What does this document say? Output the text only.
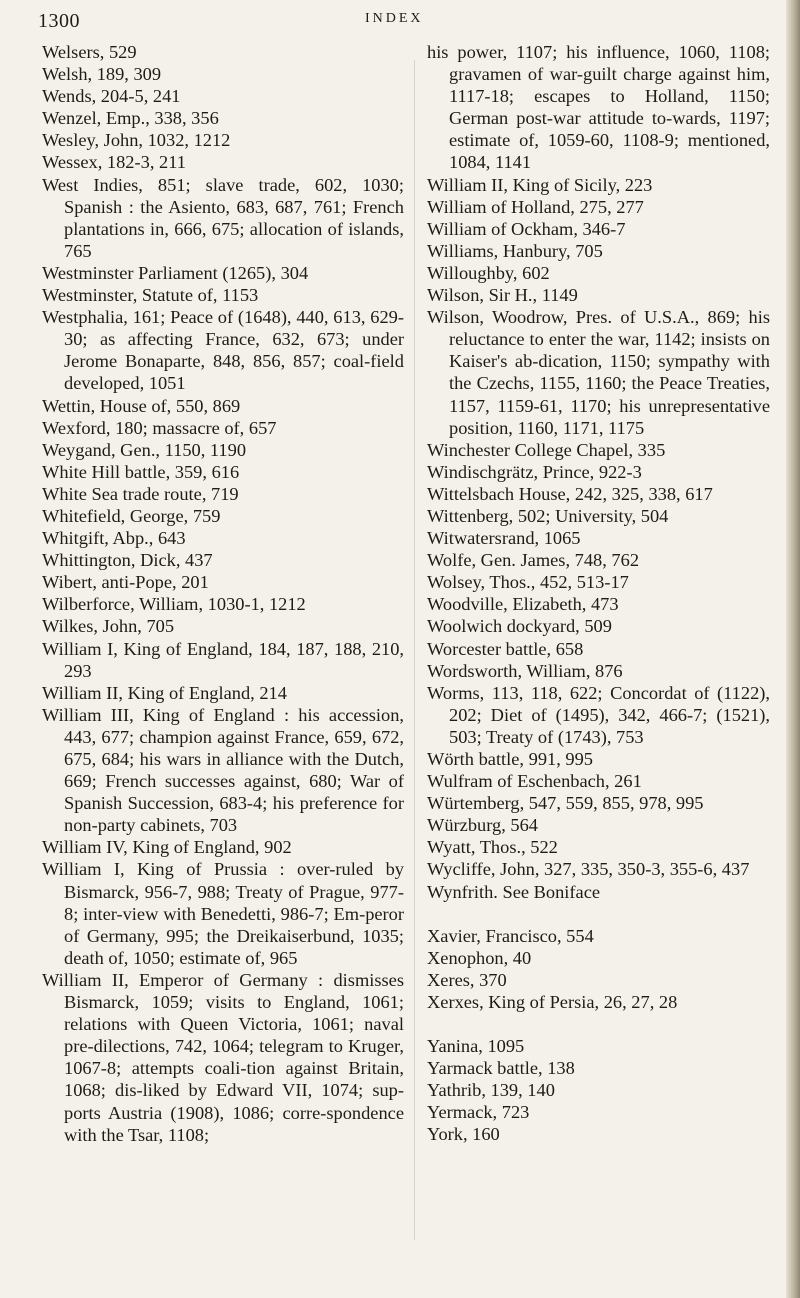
1300	INDEX
Welsers, 529
Welsh, 189, 309
Wends, 204-5, 241
Wenzel, Emp., 338, 356
Wesley, John, 1032, 1212
Wessex, 182-3, 211
West Indies, 851; slave trade, 602, 1030; Spanish : the Asiento, 683, 687, 761; French plantations in, 666, 675; allocation of islands, 765
Westminster Parliament (1265), 304
Westminster, Statute of, 1153
Westphalia, 161; Peace of (1648), 440, 613, 629-30; as affecting France, 632, 673; under Jerome Bonaparte, 848, 856, 857; coal-field developed, 1051
Wettin, House of, 550, 869
Wexford, 180; massacre of, 657
Weygand, Gen., 1150, 1190
White Hill battle, 359, 616
White Sea trade route, 719
Whitefield, George, 759
Whitgift, Abp., 643
Whittington, Dick, 437
Wibert, anti-Pope, 201
Wilberforce, William, 1030-1, 1212
Wilkes, John, 705
William I, King of England, 184, 187, 188, 210, 293
William II, King of England, 214
William III, King of England : his accession, 443, 677; champion against France, 659, 672, 675, 684; his wars in alliance with the Dutch, 669; French successes against, 680; War of Spanish Succession, 683-4; his preference for non-party cabinets, 703
William IV, King of England, 902
William I, King of Prussia : over-ruled by Bismarck, 956-7, 988; Treaty of Prague, 977-8; inter-view with Benedetti, 986-7; Em-peror of Germany, 995; the Dreikaiserbund, 1035; death of, 1050; estimate of, 965
William II, Emperor of Germany : dismisses Bismarck, 1059; visits to England, 1061; relations with Queen Victoria, 1061; naval pre-dilections, 742, 1064; telegram to Kruger, 1067-8; attempts coali-tion against Britain, 1068; dis-liked by Edward VII, 1074; sup-ports Austria (1908), 1086; corre-spondence with the Tsar, 1108;
his power, 1107; his influence, 1060, 1108; gravamen of war-guilt charge against him, 1117-18; escapes to Holland, 1150; German post-war attitude to-wards, 1197; estimate of, 1059-60, 1108-9; mentioned, 1084, 1141
William II, King of Sicily, 223
William of Holland, 275, 277
William of Ockham, 346-7
Williams, Hanbury, 705
Willoughby, 602
Wilson, Sir H., 1149
Wilson, Woodrow, Pres. of U.S.A., 869; his reluctance to enter the war, 1142; insists on Kaiser's ab-dication, 1150; sympathy with the Czechs, 1155, 1160; the Peace Treaties, 1157, 1159-61, 1170; his unrepresentative position, 1160, 1171, 1175
Winchester College Chapel, 335
Windischgrätz, Prince, 922-3
Wittelsbach House, 242, 325, 338, 617
Wittenberg, 502; University, 504
Witwatersrand, 1065
Wolfe, Gen. James, 748, 762
Wolsey, Thos., 452, 513-17
Woodville, Elizabeth, 473
Woolwich dockyard, 509
Worcester battle, 658
Wordsworth, William, 876
Worms, 113, 118, 622; Concordat of (1122), 202; Diet of (1495), 342, 466-7; (1521), 503; Treaty of (1743), 753
Wörth battle, 991, 995
Wulfram of Eschenbach, 261
Würtemberg, 547, 559, 855, 978, 995
Würzburg, 564
Wyatt, Thos., 522
Wycliffe, John, 327, 335, 350-3, 355-6, 437
Wynfrith. See Boniface
Xavier, Francisco, 554
Xenophon, 40
Xeres, 370
Xerxes, King of Persia, 26, 27, 28
Yanina, 1095
Yarmack battle, 138
Yathrib, 139, 140
Yermack, 723
York, 160
